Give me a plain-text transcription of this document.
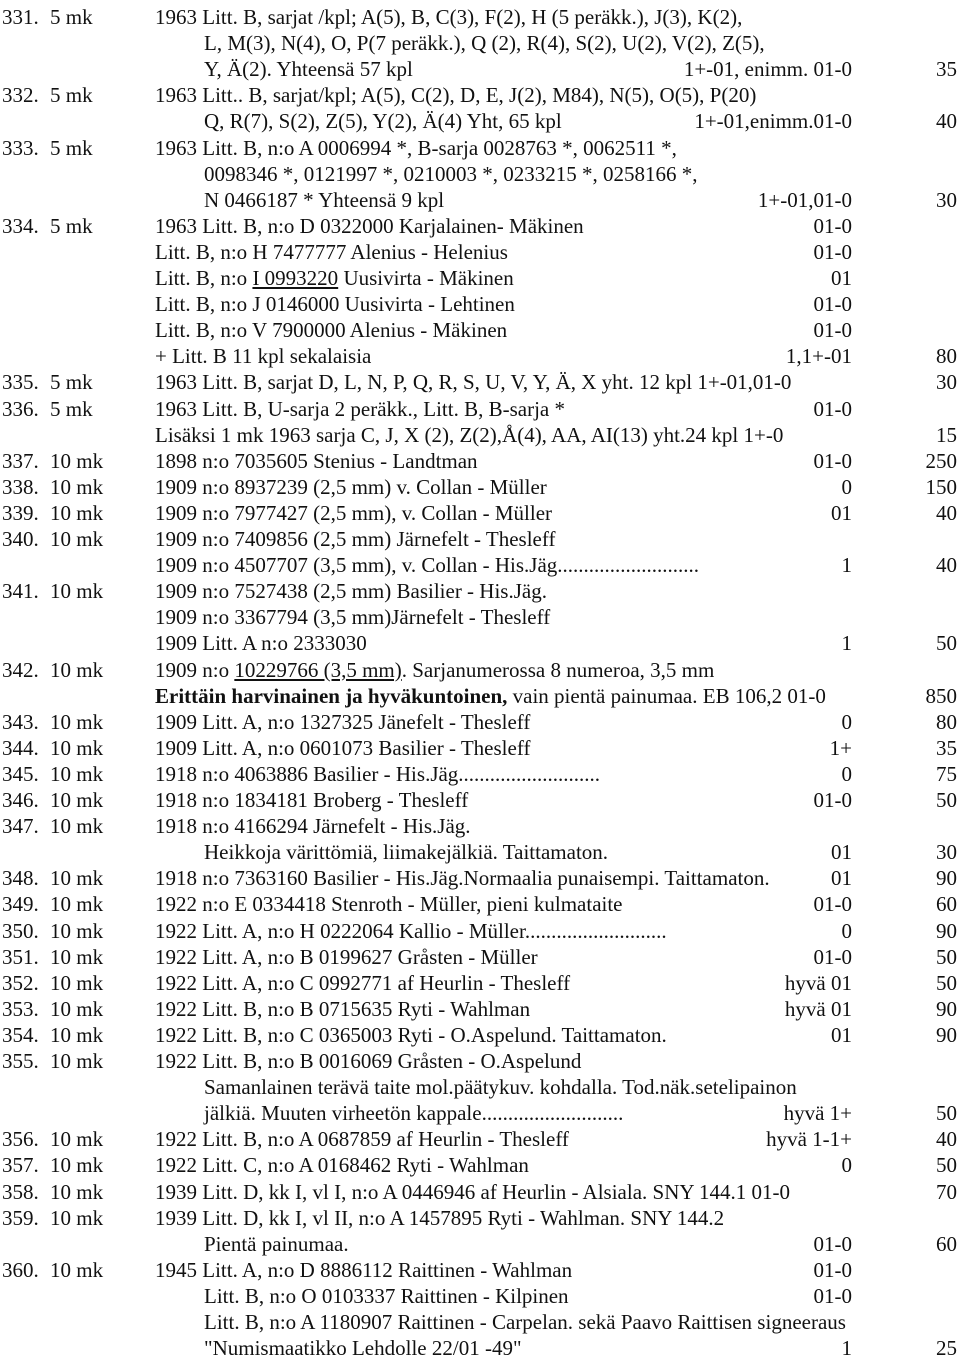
331. 5 mk	1963 Litt. B, sarjat /kpl; A(5), B, C(3), F(2), H (5 peräkk.), J(3), K(2),
L, M(3), N(4), O, P(7 peräkk.), Q (2), R(4), S(2), U(2), V(2), Z(5),
Y, Ä(2). Yhteensä 57 kpl	1+-01, enimm. 01-0	35
332. 5 mk	1963 Litt.. B, sarjat/kpl; A(5), C(2), D, E, J(2), M84), N(5), O(5), P(20)
Q, R(7), S(2), Z(5), Y(2), Ä(4) Yht, 65 kpl	1+-01,enimm.01-0	40
333. 5 mk	1963 Litt. B, n:o A 0006994 *, B-sarja 0028763 *, 0062511 *,
0098346 *, 0121997 *, 0210003 *, 0233215 *, 0258166 *,
N 0466187 * Yhteensä 9 kpl	1+-01,01-0	30
334. 5 mk	1963 Litt. B, n:o D 0322000 Karjalainen- Mäkinen	01-0
Litt. B, n:o H 7477777 Alenius - Helenius	01-0
Litt. B, n:o I 0993220 Uusivirta - Mäkinen	01
Litt. B, n:o J 0146000 Uusivirta - Lehtinen	01-0
Litt. B, n:o V 7900000 Alenius - Mäkinen	01-0
+ Litt. B 11 kpl sekalaisia	1,1+-01	80
335. 5 mk	1963 Litt. B, sarjat D, L, N, P, Q, R, S, U, V, Y, Ä, X yht. 12 kpl 1+-01,01-0	30
336. 5 mk	1963 Litt. B, U-sarja 2 peräkk., Litt. B, B-sarja *	01-0
Lisäksi 1 mk 1963 sarja C, J, X (2), Z(2),Å(4), AA, AI(13) yht.24 kpl 1+-0	15
337. 10 mk 1898 n:o 7035605 Stenius - Landtman	01-0	250
338. 10 mk 1909 n:o 8937239 (2,5 mm) v. Collan - Müller	0	150
339. 10 mk 1909 n:o 7977427 (2,5 mm), v. Collan - Müller	01	40
340. 10 mk 1909 n:o 7409856 (2,5 mm) Järnefelt - Thesleff
1909 n:o 4507707 (3,5 mm), v. Collan - His.Jäg...........................	1	40
341. 10 mk 1909 n:o 7527438 (2,5 mm) Basilier - His.Jäg.
1909 n:o 3367794 (3,5 mm)Järnefelt - Thesleff
1909 Litt. A n:o 2333030	1	50
342. 10 mk 1909 n:o 10229766 (3,5 mm). Sarjanumerossa 8 numeroa, 3,5 mm
Erittäin harvinainen ja hyväkuntoinen, vain pientä painumaa. EB 106,2 01-0	850
343. 10 mk 1909 Litt. A, n:o 1327325 Jänefelt - Thesleff	0	80
344. 10 mk 1909 Litt. A, n:o 0601073 Basilier - Thesleff	1+	35
345. 10 mk 1918 n:o 4063886 Basilier - His.Jäg...........................	0	75
346. 10 mk 1918 n:o 1834181 Broberg - Thesleff	01-0	50
347. 10 mk 1918 n:o 4166294 Järnefelt - His.Jäg.
Heikkoja värittömiä, liimakejälkiä. Taittamaton.	01	30
348. 10 mk 1918 n:o 7363160 Basilier - His.Jäg.Normaalia punaisempi. Taittamaton.	01	90
349. 10 mk 1922 n:o E 0334418 Stenroth - Müller, pieni kulmataite	01-0	60
350. 10 mk 1922 Litt. A, n:o H 0222064 Kallio - Müller...........................	0	90
351. 10 mk 1922 Litt. A, n:o B 0199627 Gråsten - Müller	01-0	50
352. 10 mk 1922 Litt. A, n:o C 0992771 af Heurlin - Thesleff	hyvä 01	50
353. 10 mk 1922 Litt. B, n:o B 0715635 Ryti - Wahlman	hyvä 01	90
354. 10 mk 1922 Litt. B, n:o C 0365003 Ryti - O.Aspelund. Taittamaton.	01	90
355. 10 mk 1922 Litt. B, n:o B 0016069 Gråsten - O.Aspelund
Samanlainen terävä taite mol.päätykuv. kohdalla. Tod.näk.setelipainon
jälkiä. Muuten virheetön kappale...........................	hyvä 1+	50
356. 10 mk 1922 Litt. B, n:o A 0687859 af Heurlin - Thesleff	hyvä 1-1+	40
357. 10 mk 1922 Litt. C, n:o A 0168462 Ryti - Wahlman	0	50
358. 10 mk 1939 Litt. D, kk I, vl I, n:o A 0446946 af Heurlin - Alsiala. SNY 144.1 01-0	70
359. 10 mk 1939 Litt. D, kk I, vl II, n:o A 1457895 Ryti - Wahlman. SNY 144.2
Pientä painumaa.	01-0	60
360. 10 mk 1945 Litt. A, n:o D 8886112 Raittinen - Wahlman	01-0
Litt. B, n:o O 0103337 Raittinen - Kilpinen	01-0
Litt. B, n:o A 1180907 Raittinen - Carpelan. sekä Paavo Raittisen signeeraus
"Numismaatikko Lehdolle 22/01 -49"	1	25
